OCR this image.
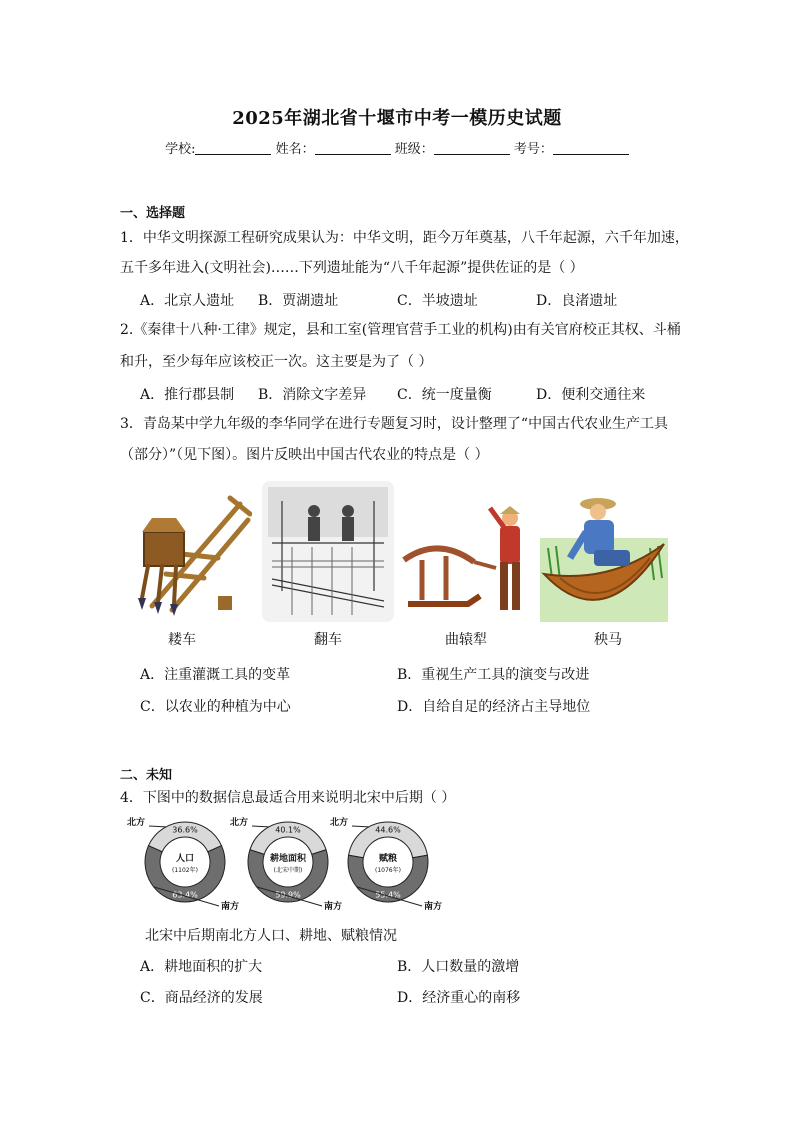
2025年湖北省十堰市中考一模历史试题
学校:	姓名：	班级：	考号：
一、选择题
1．中华文明探源工程研究成果认为：中华文明，距今万年奠基，八千年起源，六千年加速，
五千多年进入(文明社会)……下列遗址能为“八千年起源”提供佐证的是（ ）
A．北京人遗址 B．贾湖遗址	C．半坡遗址	D．良渚遗址
2.《秦律十八种·工律》规定，县和工室(管理官营手工业的机构)由有关官府校正其权、斗桶
和升，至少每年应该校正一次。这主要是为了（ ）
A．推行郡县制 B．消除文字差异 C．统一度量衡	D．便利交通往来
3．青岛某中学九年级的李华同学在进行专题复习时，设计整理了“中国古代农业生产工具
（部分）”（见下图）。图片反映出中国古代农业的特点是（ ）
耧车	翻车	曲辕犁	秧马
A．注重灌溉工具的变革	B．重视生产工具的演变与改进
C．以农业的种植为中心	D．自给自足的经济占主导地位
二、未知
4．下图中的数据信息最适合用来说明北宋中后期（ ）
36.6%
63.4%
人口
(1102年)
北方
南方
40.1%
59.9%
耕地面积
(北宋中期)
北方
南方
44.6%
55.4%
赋粮
(1076年)
北方
南方
北宋中后期南北方人口、耕地、赋粮情况
A．耕地面积的扩大	B．人口数量的激增
C．商品经济的发展	D．经济重心的南移
